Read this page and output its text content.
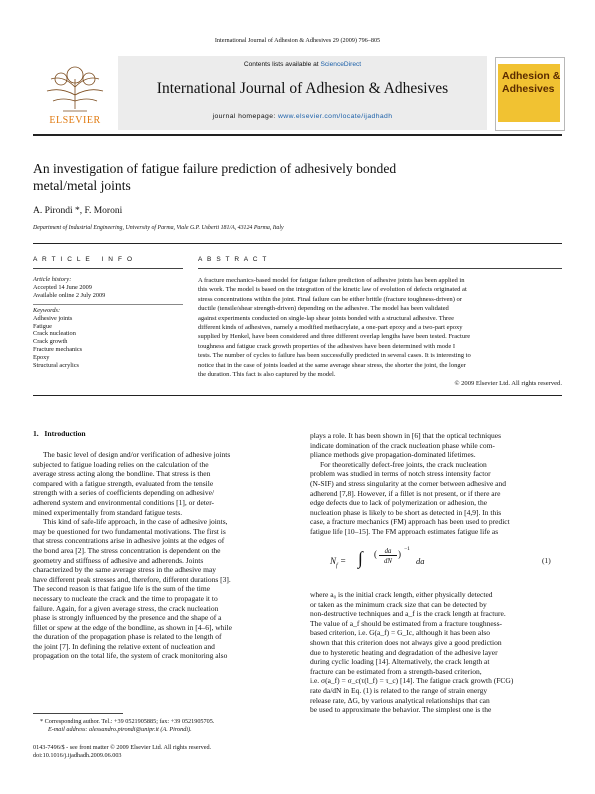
International Journal of Adhesion & Adhesives 29 (2009) 796–805
ELSEVIER
Contents lists available at ScienceDirect
International Journal of Adhesion & Adhesives
journal homepage: www.elsevier.com/locate/ijadhadh
Adhesion &
Adhesives
An investigation of fatigue failure prediction of adhesively bonded
metal/metal joints
A. Pirondi *, F. Moroni
Department of Industrial Engineering, University of Parma, Viale G.P. Usberti 181/A, 43124 Parma, Italy
A R T I C L E   I N F O
Article history:
Accepted 14 June 2009
Available online 2 July 2009
Keywords:
Adhesive joints
Fatigue
Crack nucleation
Crack growth
Fracture mechanics
Epoxy
Structural acrylics
A B S T R A C T
A fracture mechanics-based model for fatigue failure prediction of adhesive joints has been applied in
this work. The model is based on the integration of the kinetic law of evolution of defects originated at
stress concentrations within the joint. Final failure can be either brittle (fracture toughness-driven) or
ductile (tensile/shear strength-driven) depending on the adhesive. The model has been validated
against experiments conducted on single-lap shear joints bonded with a structural adhesive. Three
different kinds of adhesives, namely a modified methacrylate, a one-part epoxy and a two-part epoxy
supplied by Henkel, have been considered and three different overlap lengths have been tested. Fracture
toughness and fatigue crack growth properties of the adhesives have been determined with mode I
tests. The number of cycles to failure has been successfully predicted in several cases. It is interesting to
notice that in the case of joints loaded at the same average shear stress, the shorter the joint, the longer
the duration. This fact is also captured by the model.
© 2009 Elsevier Ltd. All rights reserved.
1.   Introduction
The basic level of design and/or verification of adhesive joints
subjected to fatigue loading relies on the calculation of the
average stress acting along the bondline. That stress is then
compared with a fatigue strength, evaluated from the tensile
strength with a series of coefficients depending on adhesive/
adherend system and environmental conditions [1], or deter-
mined experimentally from standard fatigue tests.
This kind of safe-life approach, in the case of adhesive joints,
may be questioned for two fundamental motivations. The first is
that stress concentrations arise in adhesive joints at the edges of
the bond area [2]. The stress concentration is dependent on the
geometry and stiffness of adhesive and adherends. Joints
characterized by the same average stress in the adhesive may
have different peak stresses and, therefore, different durations [3].
The second reason is that fatigue life is the sum of the time
necessary to nucleate the crack and the time to propagate it to
failure. Again, for a given average stress, the crack nucleation
phase is strongly influenced by the presence and the shape of a
fillet or spew at the edge of the bondline, as shown in [4–6], while
the duration of the propagation phase is related to the length of
the joint [7]. In defining the relative extent of nucleation and
propagation on the total life, the system of crack monitoring also
* Corresponding author. Tel.: +39 0521905885; fax: +39 0521905705.
E-mail address: alessandro.pirondi@unipr.it (A. Pirondi).
0143-7496/$ - see front matter © 2009 Elsevier Ltd. All rights reserved.
doi:10.1016/j.ijadhadh.2009.06.003
plays a role. It has been shown in [6] that the optical techniques
indicate domination of the crack nucleation phase while com-
pliance methods give propagation-dominated lifetimes.
For theoretically defect-free joints, the crack nucleation
problem was studied in terms of notch stress intensity factor
(N-SIF) and stress singularity at the corner between adhesive and
adherend [7,8]. However, if a fillet is not present, or if there are
edge defects due to lack of polymerization or adhesion, the
nucleation phase is likely to be short as detected in [4,9]. In this
case, a fracture mechanics (FM) approach has been used to predict
fatigue life [10–15]. The FM approach estimates fatigue life as
$N_f$ = ∫ (	da
dN
) −1
da	(1)
where a₀ is the initial crack length, either physically detected
or taken as the minimum crack size that can be detected by
non-destructive techniques and a_f is the crack length at fracture.
The value of a_f should be estimated from a fracture toughness-
based criterion, i.e. G(a_f) = G_Ic, although it has been also
shown that this criterion does not always give a good prediction
due to hysteretic heating and degradation of the adhesive layer
during cyclic loading [14]. Alternatively, the crack length at
fracture can be estimated from a strength-based criterion,
i.e. σ(a_f) = σ_c(τ(l_f) = τ_c) [14]. The fatigue crack growth (FCG)
rate da/dN in Eq. (1) is related to the range of strain energy
release rate, ΔG, by various analytical relationships that can
be used to approximate the behavior. The simplest one is the
